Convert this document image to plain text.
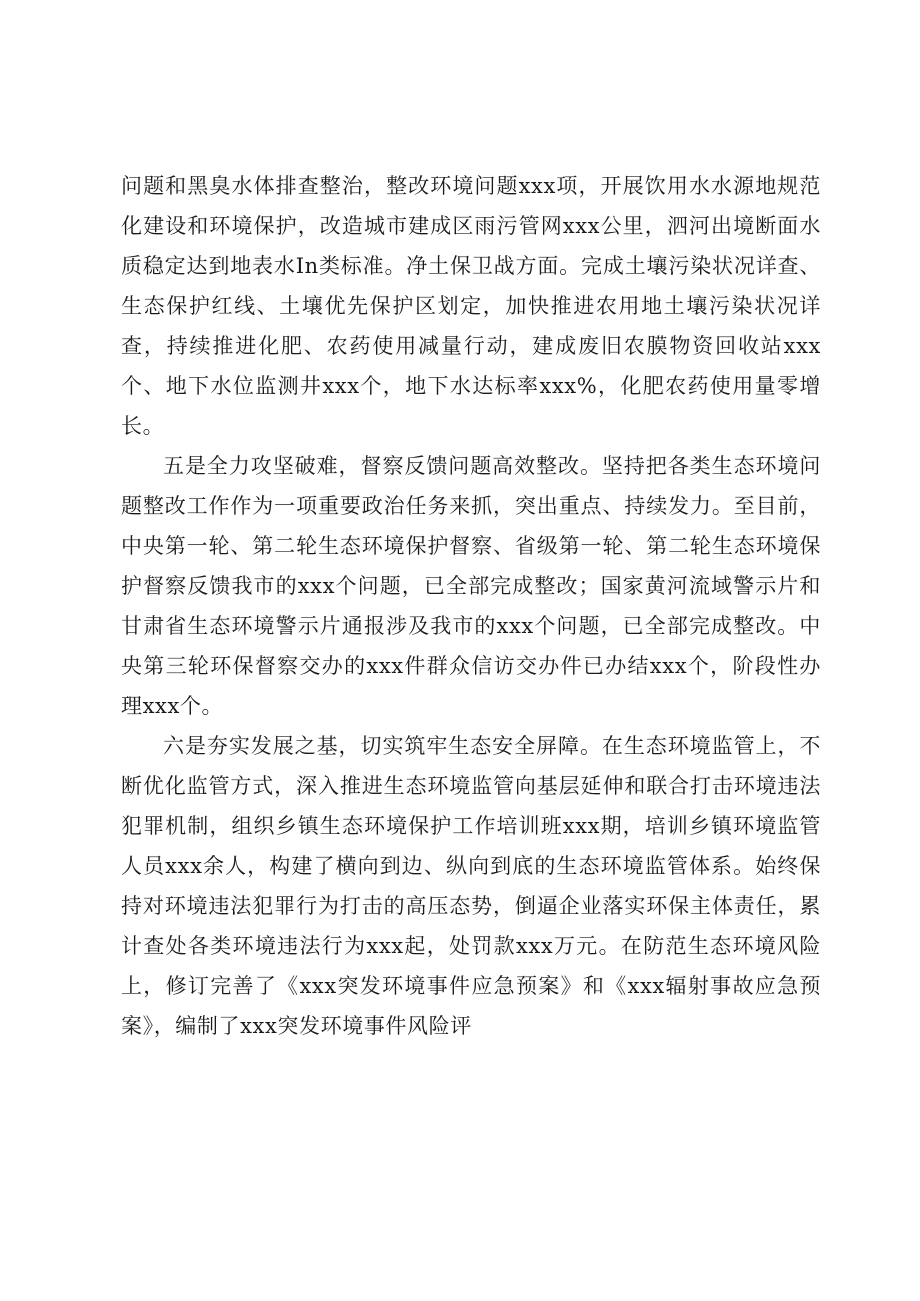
问题和黑臭水体排查整治，整改环境问题xxx项，开展饮用水水源地规范化建设和环境保护，改造城市建成区雨污管网xxx公里，泗河出境断面水质稳定达到地表水In类标准。净土保卫战方面。完成土壤污染状况详查、生态保护红线、土壤优先保护区划定，加快推进农用地土壤污染状况详查，持续推进化肥、农药使用减量行动，建成废旧农膜物资回收站xxx个、地下水位监测井xxx个，地下水达标率xxx%，化肥农药使用量零增长。

五是全力攻坚破难，督察反馈问题高效整改。坚持把各类生态环境问题整改工作作为一项重要政治任务来抓，突出重点、持续发力。至目前，中央第一轮、第二轮生态环境保护督察、省级第一轮、第二轮生态环境保护督察反馈我市的xxx个问题，已全部完成整改；国家黄河流域警示片和甘肃省生态环境警示片通报涉及我市的xxx个问题，已全部完成整改。中央第三轮环保督察交办的xxx件群众信访交办件已办结xxx个，阶段性办理xxx个。

六是夯实发展之基，切实筑牢生态安全屏障。在生态环境监管上，不断优化监管方式，深入推进生态环境监管向基层延伸和联合打击环境违法犯罪机制，组织乡镇生态环境保护工作培训班xxx期，培训乡镇环境监管人员xxx余人，构建了横向到边、纵向到底的生态环境监管体系。始终保持对环境违法犯罪行为打击的高压态势，倒逼企业落实环保主体责任，累计查处各类环境违法行为xxx起，处罚款xxx万元。在防范生态环境风险上，修订完善了《xxx突发环境事件应急预案》和《xxx辐射事故应急预案》，编制了xxx突发环境事件风险评
